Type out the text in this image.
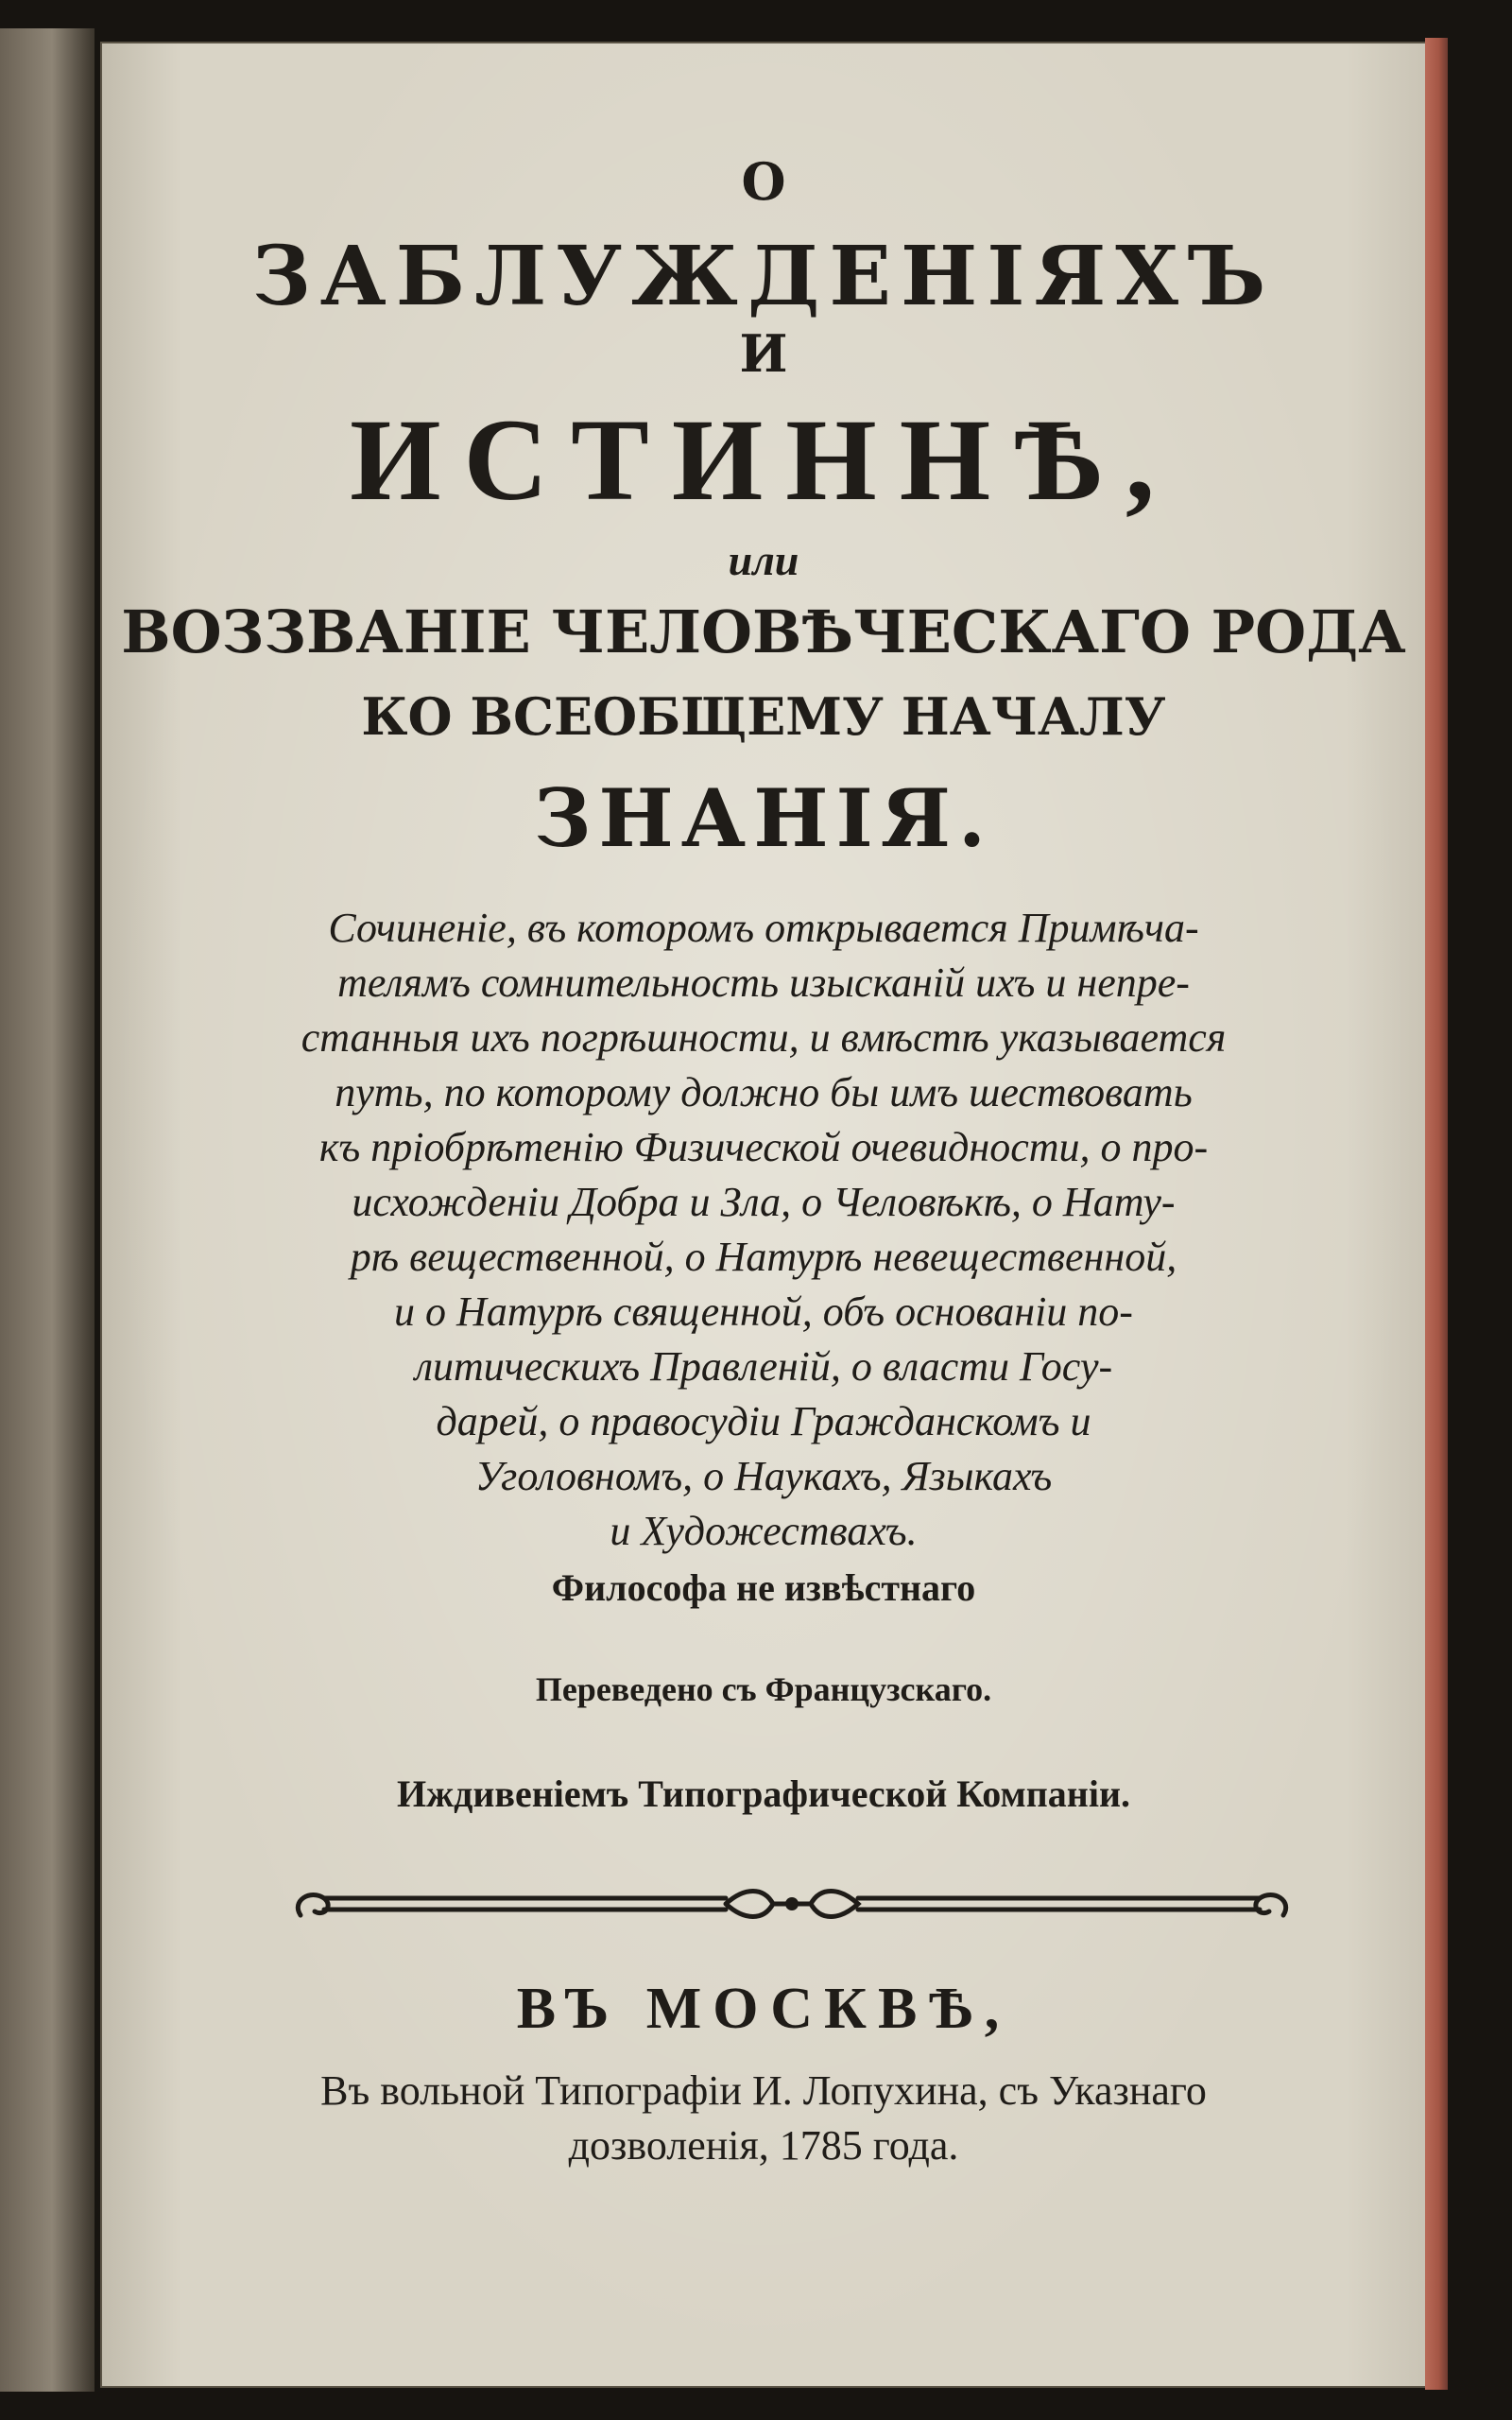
О
ЗАБЛУЖДЕНІЯХЪ
И
ИСТИННѢ,
или
ВОЗЗВАНІЕ ЧЕЛОВѢЧЕСКАГО РОДА
КО ВСЕОБЩЕМУ НАЧАЛУ
ЗНАНІЯ.
Сочиненіе, въ которомъ открывается Примѣча-
телямъ сомнительность изысканій ихъ и непре-
станныя ихъ погрѣшности, и вмѣстѣ указывается
путь, по которому должно бы имъ шествовать
къ пріобрѣтенію Физической очевидности, о про-
исхожденіи Добра и Зла, о Человѣкѣ, о Нату-
рѣ вещественной, о Натурѣ невещественной,
и о Натурѣ священной, объ основаніи по-
литическихъ Правленій, о власти Госу-
дарей, о правосудіи Гражданскомъ и
Уголовномъ, о Наукахъ, Языкахъ
и Художествахъ.
Философа не извѣстнаго
Переведено съ Французскаго.
Иждивеніемъ Типографической Компаніи.
ВЪ МОСКВѢ,
Въ вольной Типографіи И. Лопухина, съ Указнаго
дозволенія, 1785 года.
